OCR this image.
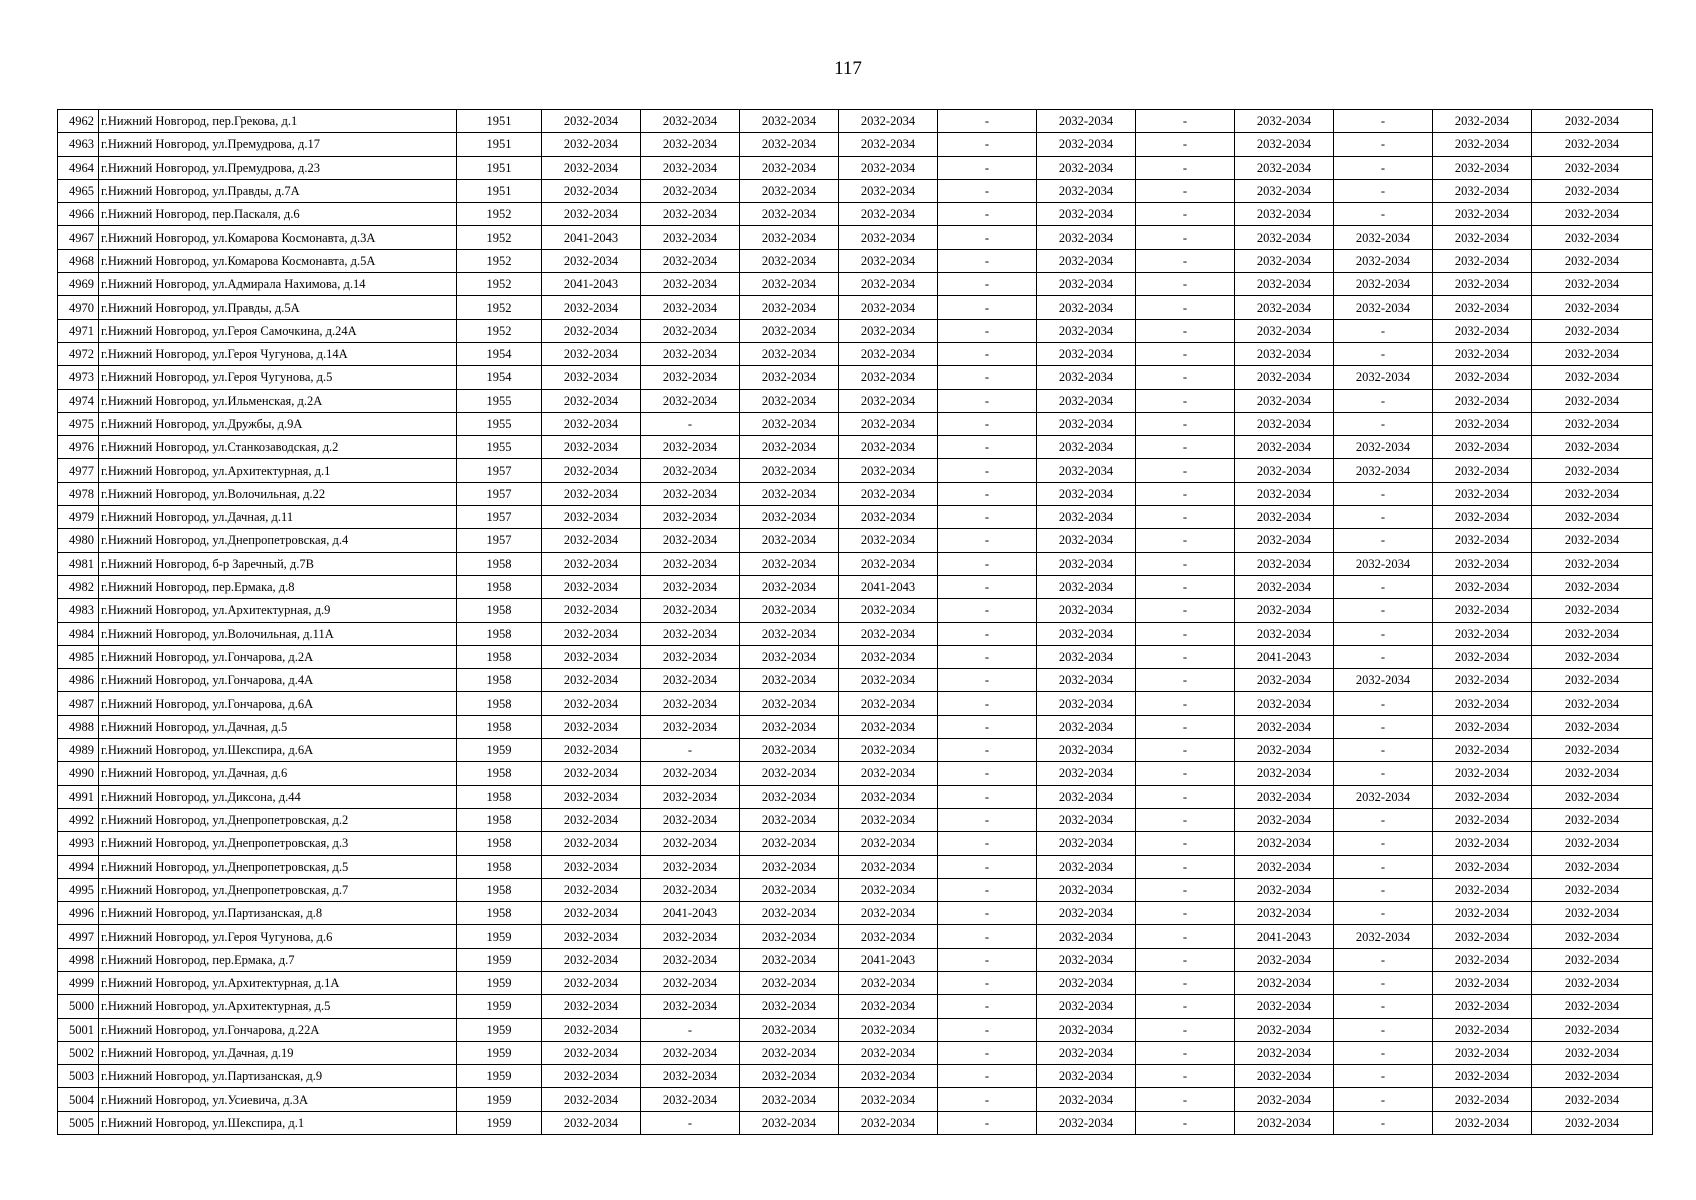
117
4962	г.Нижний Новгород, пер.Грекова, д.1	1951	2032-2034	2032-2034	2032-2034	2032-2034	-	2032-2034	-	2032-2034	-	2032-2034	2032-2034
4963	г.Нижний Новгород, ул.Премудрова, д.17	1951	2032-2034	2032-2034	2032-2034	2032-2034	-	2032-2034	-	2032-2034	-	2032-2034	2032-2034
4964	г.Нижний Новгород, ул.Премудрова, д.23	1951	2032-2034	2032-2034	2032-2034	2032-2034	-	2032-2034	-	2032-2034	-	2032-2034	2032-2034
4965	г.Нижний Новгород, ул.Правды, д.7А	1951	2032-2034	2032-2034	2032-2034	2032-2034	-	2032-2034	-	2032-2034	-	2032-2034	2032-2034
4966	г.Нижний Новгород, пер.Паскаля, д.6	1952	2032-2034	2032-2034	2032-2034	2032-2034	-	2032-2034	-	2032-2034	-	2032-2034	2032-2034
4967	г.Нижний Новгород, ул.Комарова Космонавта, д.3А	1952	2041-2043	2032-2034	2032-2034	2032-2034	-	2032-2034	-	2032-2034	2032-2034	2032-2034	2032-2034
4968	г.Нижний Новгород, ул.Комарова Космонавта, д.5А	1952	2032-2034	2032-2034	2032-2034	2032-2034	-	2032-2034	-	2032-2034	2032-2034	2032-2034	2032-2034
4969	г.Нижний Новгород, ул.Адмирала Нахимова, д.14	1952	2041-2043	2032-2034	2032-2034	2032-2034	-	2032-2034	-	2032-2034	2032-2034	2032-2034	2032-2034
4970	г.Нижний Новгород, ул.Правды, д.5А	1952	2032-2034	2032-2034	2032-2034	2032-2034	-	2032-2034	-	2032-2034	2032-2034	2032-2034	2032-2034
4971	г.Нижний Новгород, ул.Героя Самочкина, д.24А	1952	2032-2034	2032-2034	2032-2034	2032-2034	-	2032-2034	-	2032-2034	-	2032-2034	2032-2034
4972	г.Нижний Новгород, ул.Героя Чугунова, д.14А	1954	2032-2034	2032-2034	2032-2034	2032-2034	-	2032-2034	-	2032-2034	-	2032-2034	2032-2034
4973	г.Нижний Новгород, ул.Героя Чугунова, д.5	1954	2032-2034	2032-2034	2032-2034	2032-2034	-	2032-2034	-	2032-2034	2032-2034	2032-2034	2032-2034
4974	г.Нижний Новгород, ул.Ильменская, д.2А	1955	2032-2034	2032-2034	2032-2034	2032-2034	-	2032-2034	-	2032-2034	-	2032-2034	2032-2034
4975	г.Нижний Новгород, ул.Дружбы, д.9А	1955	2032-2034	-	2032-2034	2032-2034	-	2032-2034	-	2032-2034	-	2032-2034	2032-2034
4976	г.Нижний Новгород, ул.Станкозаводская, д.2	1955	2032-2034	2032-2034	2032-2034	2032-2034	-	2032-2034	-	2032-2034	2032-2034	2032-2034	2032-2034
4977	г.Нижний Новгород, ул.Архитектурная, д.1	1957	2032-2034	2032-2034	2032-2034	2032-2034	-	2032-2034	-	2032-2034	2032-2034	2032-2034	2032-2034
4978	г.Нижний Новгород, ул.Волочильная, д.22	1957	2032-2034	2032-2034	2032-2034	2032-2034	-	2032-2034	-	2032-2034	-	2032-2034	2032-2034
4979	г.Нижний Новгород, ул.Дачная, д.11	1957	2032-2034	2032-2034	2032-2034	2032-2034	-	2032-2034	-	2032-2034	-	2032-2034	2032-2034
4980	г.Нижний Новгород, ул.Днепропетровская, д.4	1957	2032-2034	2032-2034	2032-2034	2032-2034	-	2032-2034	-	2032-2034	-	2032-2034	2032-2034
4981	г.Нижний Новгород, б-р Заречный, д.7В	1958	2032-2034	2032-2034	2032-2034	2032-2034	-	2032-2034	-	2032-2034	2032-2034	2032-2034	2032-2034
4982	г.Нижний Новгород, пер.Ермака, д.8	1958	2032-2034	2032-2034	2032-2034	2041-2043	-	2032-2034	-	2032-2034	-	2032-2034	2032-2034
4983	г.Нижний Новгород, ул.Архитектурная, д.9	1958	2032-2034	2032-2034	2032-2034	2032-2034	-	2032-2034	-	2032-2034	-	2032-2034	2032-2034
4984	г.Нижний Новгород, ул.Волочильная, д.11А	1958	2032-2034	2032-2034	2032-2034	2032-2034	-	2032-2034	-	2032-2034	-	2032-2034	2032-2034
4985	г.Нижний Новгород, ул.Гончарова, д.2А	1958	2032-2034	2032-2034	2032-2034	2032-2034	-	2032-2034	-	2041-2043	-	2032-2034	2032-2034
4986	г.Нижний Новгород, ул.Гончарова, д.4А	1958	2032-2034	2032-2034	2032-2034	2032-2034	-	2032-2034	-	2032-2034	2032-2034	2032-2034	2032-2034
4987	г.Нижний Новгород, ул.Гончарова, д.6А	1958	2032-2034	2032-2034	2032-2034	2032-2034	-	2032-2034	-	2032-2034	-	2032-2034	2032-2034
4988	г.Нижний Новгород, ул.Дачная, д.5	1958	2032-2034	2032-2034	2032-2034	2032-2034	-	2032-2034	-	2032-2034	-	2032-2034	2032-2034
4989	г.Нижний Новгород, ул.Шекспира, д.6А	1959	2032-2034	-	2032-2034	2032-2034	-	2032-2034	-	2032-2034	-	2032-2034	2032-2034
4990	г.Нижний Новгород, ул.Дачная, д.6	1958	2032-2034	2032-2034	2032-2034	2032-2034	-	2032-2034	-	2032-2034	-	2032-2034	2032-2034
4991	г.Нижний Новгород, ул.Диксона, д.44	1958	2032-2034	2032-2034	2032-2034	2032-2034	-	2032-2034	-	2032-2034	2032-2034	2032-2034	2032-2034
4992	г.Нижний Новгород, ул.Днепропетровская, д.2	1958	2032-2034	2032-2034	2032-2034	2032-2034	-	2032-2034	-	2032-2034	-	2032-2034	2032-2034
4993	г.Нижний Новгород, ул.Днепропетровская, д.3	1958	2032-2034	2032-2034	2032-2034	2032-2034	-	2032-2034	-	2032-2034	-	2032-2034	2032-2034
4994	г.Нижний Новгород, ул.Днепропетровская, д.5	1958	2032-2034	2032-2034	2032-2034	2032-2034	-	2032-2034	-	2032-2034	-	2032-2034	2032-2034
4995	г.Нижний Новгород, ул.Днепропетровская, д.7	1958	2032-2034	2032-2034	2032-2034	2032-2034	-	2032-2034	-	2032-2034	-	2032-2034	2032-2034
4996	г.Нижний Новгород, ул.Партизанская, д.8	1958	2032-2034	2041-2043	2032-2034	2032-2034	-	2032-2034	-	2032-2034	-	2032-2034	2032-2034
4997	г.Нижний Новгород, ул.Героя Чугунова, д.6	1959	2032-2034	2032-2034	2032-2034	2032-2034	-	2032-2034	-	2041-2043	2032-2034	2032-2034	2032-2034
4998	г.Нижний Новгород, пер.Ермака, д.7	1959	2032-2034	2032-2034	2032-2034	2041-2043	-	2032-2034	-	2032-2034	-	2032-2034	2032-2034
4999	г.Нижний Новгород, ул.Архитектурная, д.1А	1959	2032-2034	2032-2034	2032-2034	2032-2034	-	2032-2034	-	2032-2034	-	2032-2034	2032-2034
5000	г.Нижний Новгород, ул.Архитектурная, д.5	1959	2032-2034	2032-2034	2032-2034	2032-2034	-	2032-2034	-	2032-2034	-	2032-2034	2032-2034
5001	г.Нижний Новгород, ул.Гончарова, д.22А	1959	2032-2034	-	2032-2034	2032-2034	-	2032-2034	-	2032-2034	-	2032-2034	2032-2034
5002	г.Нижний Новгород, ул.Дачная, д.19	1959	2032-2034	2032-2034	2032-2034	2032-2034	-	2032-2034	-	2032-2034	-	2032-2034	2032-2034
5003	г.Нижний Новгород, ул.Партизанская, д.9	1959	2032-2034	2032-2034	2032-2034	2032-2034	-	2032-2034	-	2032-2034	-	2032-2034	2032-2034
5004	г.Нижний Новгород, ул.Усиевича, д.3А	1959	2032-2034	2032-2034	2032-2034	2032-2034	-	2032-2034	-	2032-2034	-	2032-2034	2032-2034
5005	г.Нижний Новгород, ул.Шекспира, д.1	1959	2032-2034	-	2032-2034	2032-2034	-	2032-2034	-	2032-2034	-	2032-2034	2032-2034
